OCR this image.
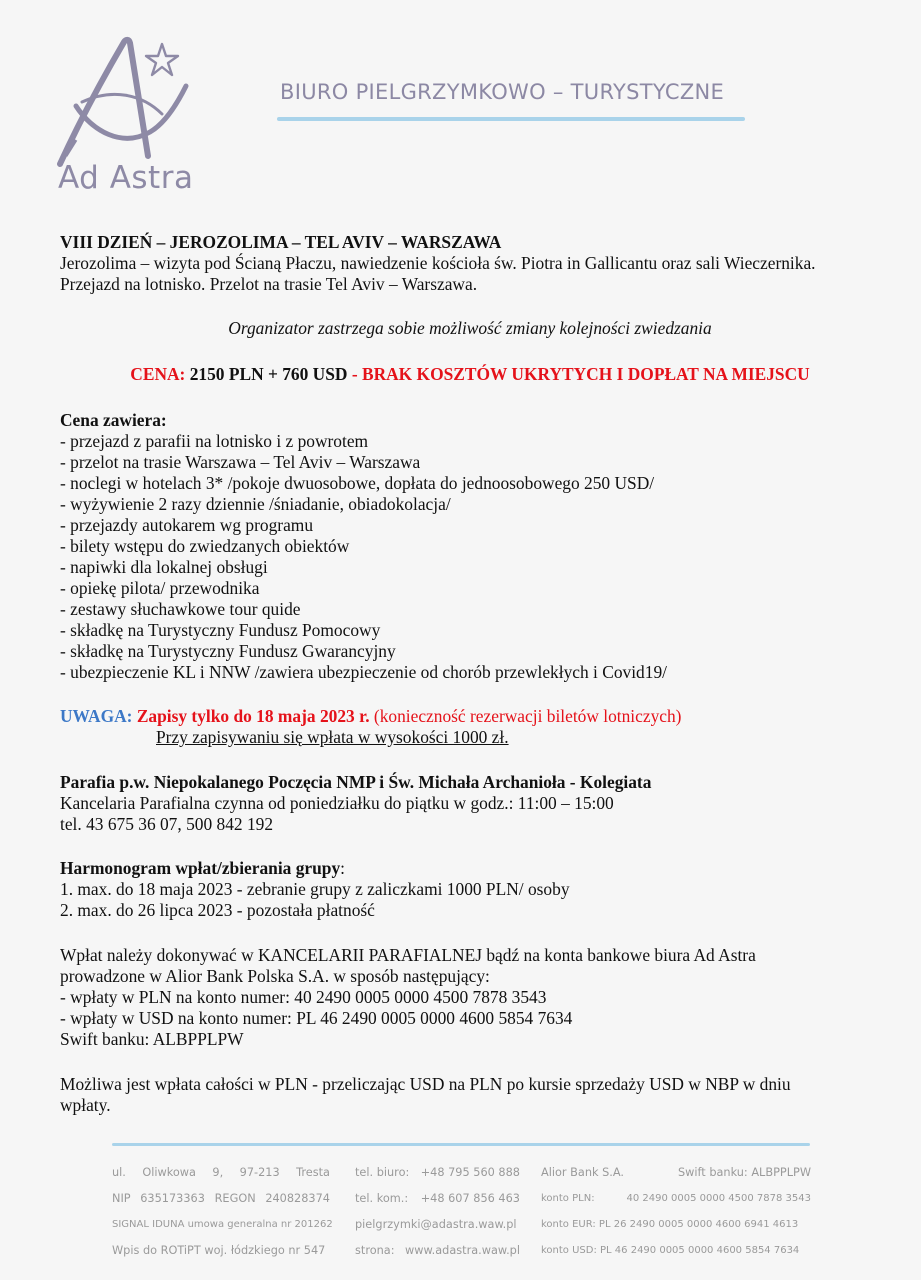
Ad Astra
BIURO PIELGRZYMKOWO – TURYSTYCZNE

VIII DZIEŃ – JEROZOLIMA – TEL AVIV – WARSZAWA

Jerozolima – wizyta pod Ścianą Płaczu, nawiedzenie kościoła św. Piotra in Gallicantu oraz sali Wieczernika.

Przejazd na lotnisko. Przelot na trasie Tel Aviv – Warszawa.

Organizator zastrzega sobie możliwość zmiany kolejności zwiedzania

CENA: 2150 PLN + 760 USD - BRAK KOSZTÓW UKRYTYCH I DOPŁAT NA MIEJSCU

Cena zawiera:

- przejazd z parafii na lotnisko i z powrotem

- przelot na trasie Warszawa – Tel Aviv – Warszawa

- noclegi w hotelach 3* /pokoje dwuosobowe, dopłata do jednoosobowego 250 USD/

- wyżywienie 2 razy dziennie /śniadanie, obiadokolacja/

- przejazdy autokarem wg programu

- bilety wstępu do zwiedzanych obiektów

- napiwki dla lokalnej obsługi

- opiekę pilota/ przewodnika

- zestawy słuchawkowe tour quide

- składkę na Turystyczny Fundusz Pomocowy

- składkę na Turystyczny Fundusz Gwarancyjny

- ubezpieczenie KL i NNW /zawiera ubezpieczenie od chorób przewlekłych i Covid19/

UWAGA: Zapisy tylko do 18 maja 2023 r. (konieczność rezerwacji biletów lotniczych)

Przy zapisywaniu się wpłata w wysokości 1000 zł.

Parafia p.w. Niepokalanego Poczęcia NMP i Św. Michała Archanioła - Kolegiata

Kancelaria Parafialna czynna od poniedziałku do piątku w godz.: 11:00 – 15:00

tel. 43 675 36 07, 500 842 192

Harmonogram wpłat/zbierania grupy:

1. max. do 18 maja 2023 - zebranie grupy z zaliczkami 1000 PLN/ osoby

2. max. do 26 lipca 2023 - pozostała płatność

Wpłat należy dokonywać w KANCELARII PARAFIALNEJ bądź na konta bankowe biura Ad Astra

prowadzone w Alior Bank Polska S.A. w sposób następujący:

- wpłaty w PLN na konto numer: 40 2490 0005 0000 4500 7878 3543

- wpłaty w USD na konto numer: PL 46 2490 0005 0000 4600 5854 7634

Swift banku: ALBPPLPW

Możliwa jest wpłata całości w PLN - przeliczając USD na PLN po kursie sprzedaży USD w NBP w dniu

wpłaty.

ul. Oliwkowa 9, 97-213 Tresta
NIP 635173363 REGON 240828374
SIGNAL IDUNA umowa generalna nr 201262
Wpis do ROTiPT woj. łódzkiego nr 547
tel. biuro: +48 795 560 888
tel. kom.: +48 607 856 463
pielgrzymki@adastra.waw.pl
strona: www.adastra.waw.pl
Alior Bank S.A.	Swift banku: ALBPPLPW
konto PLN:	40 2490 0005 0000 4500 7878 3543
konto EUR: PL 26 2490 0005 0000 4600 6941 4613
konto USD: PL 46 2490 0005 0000 4600 5854 7634
